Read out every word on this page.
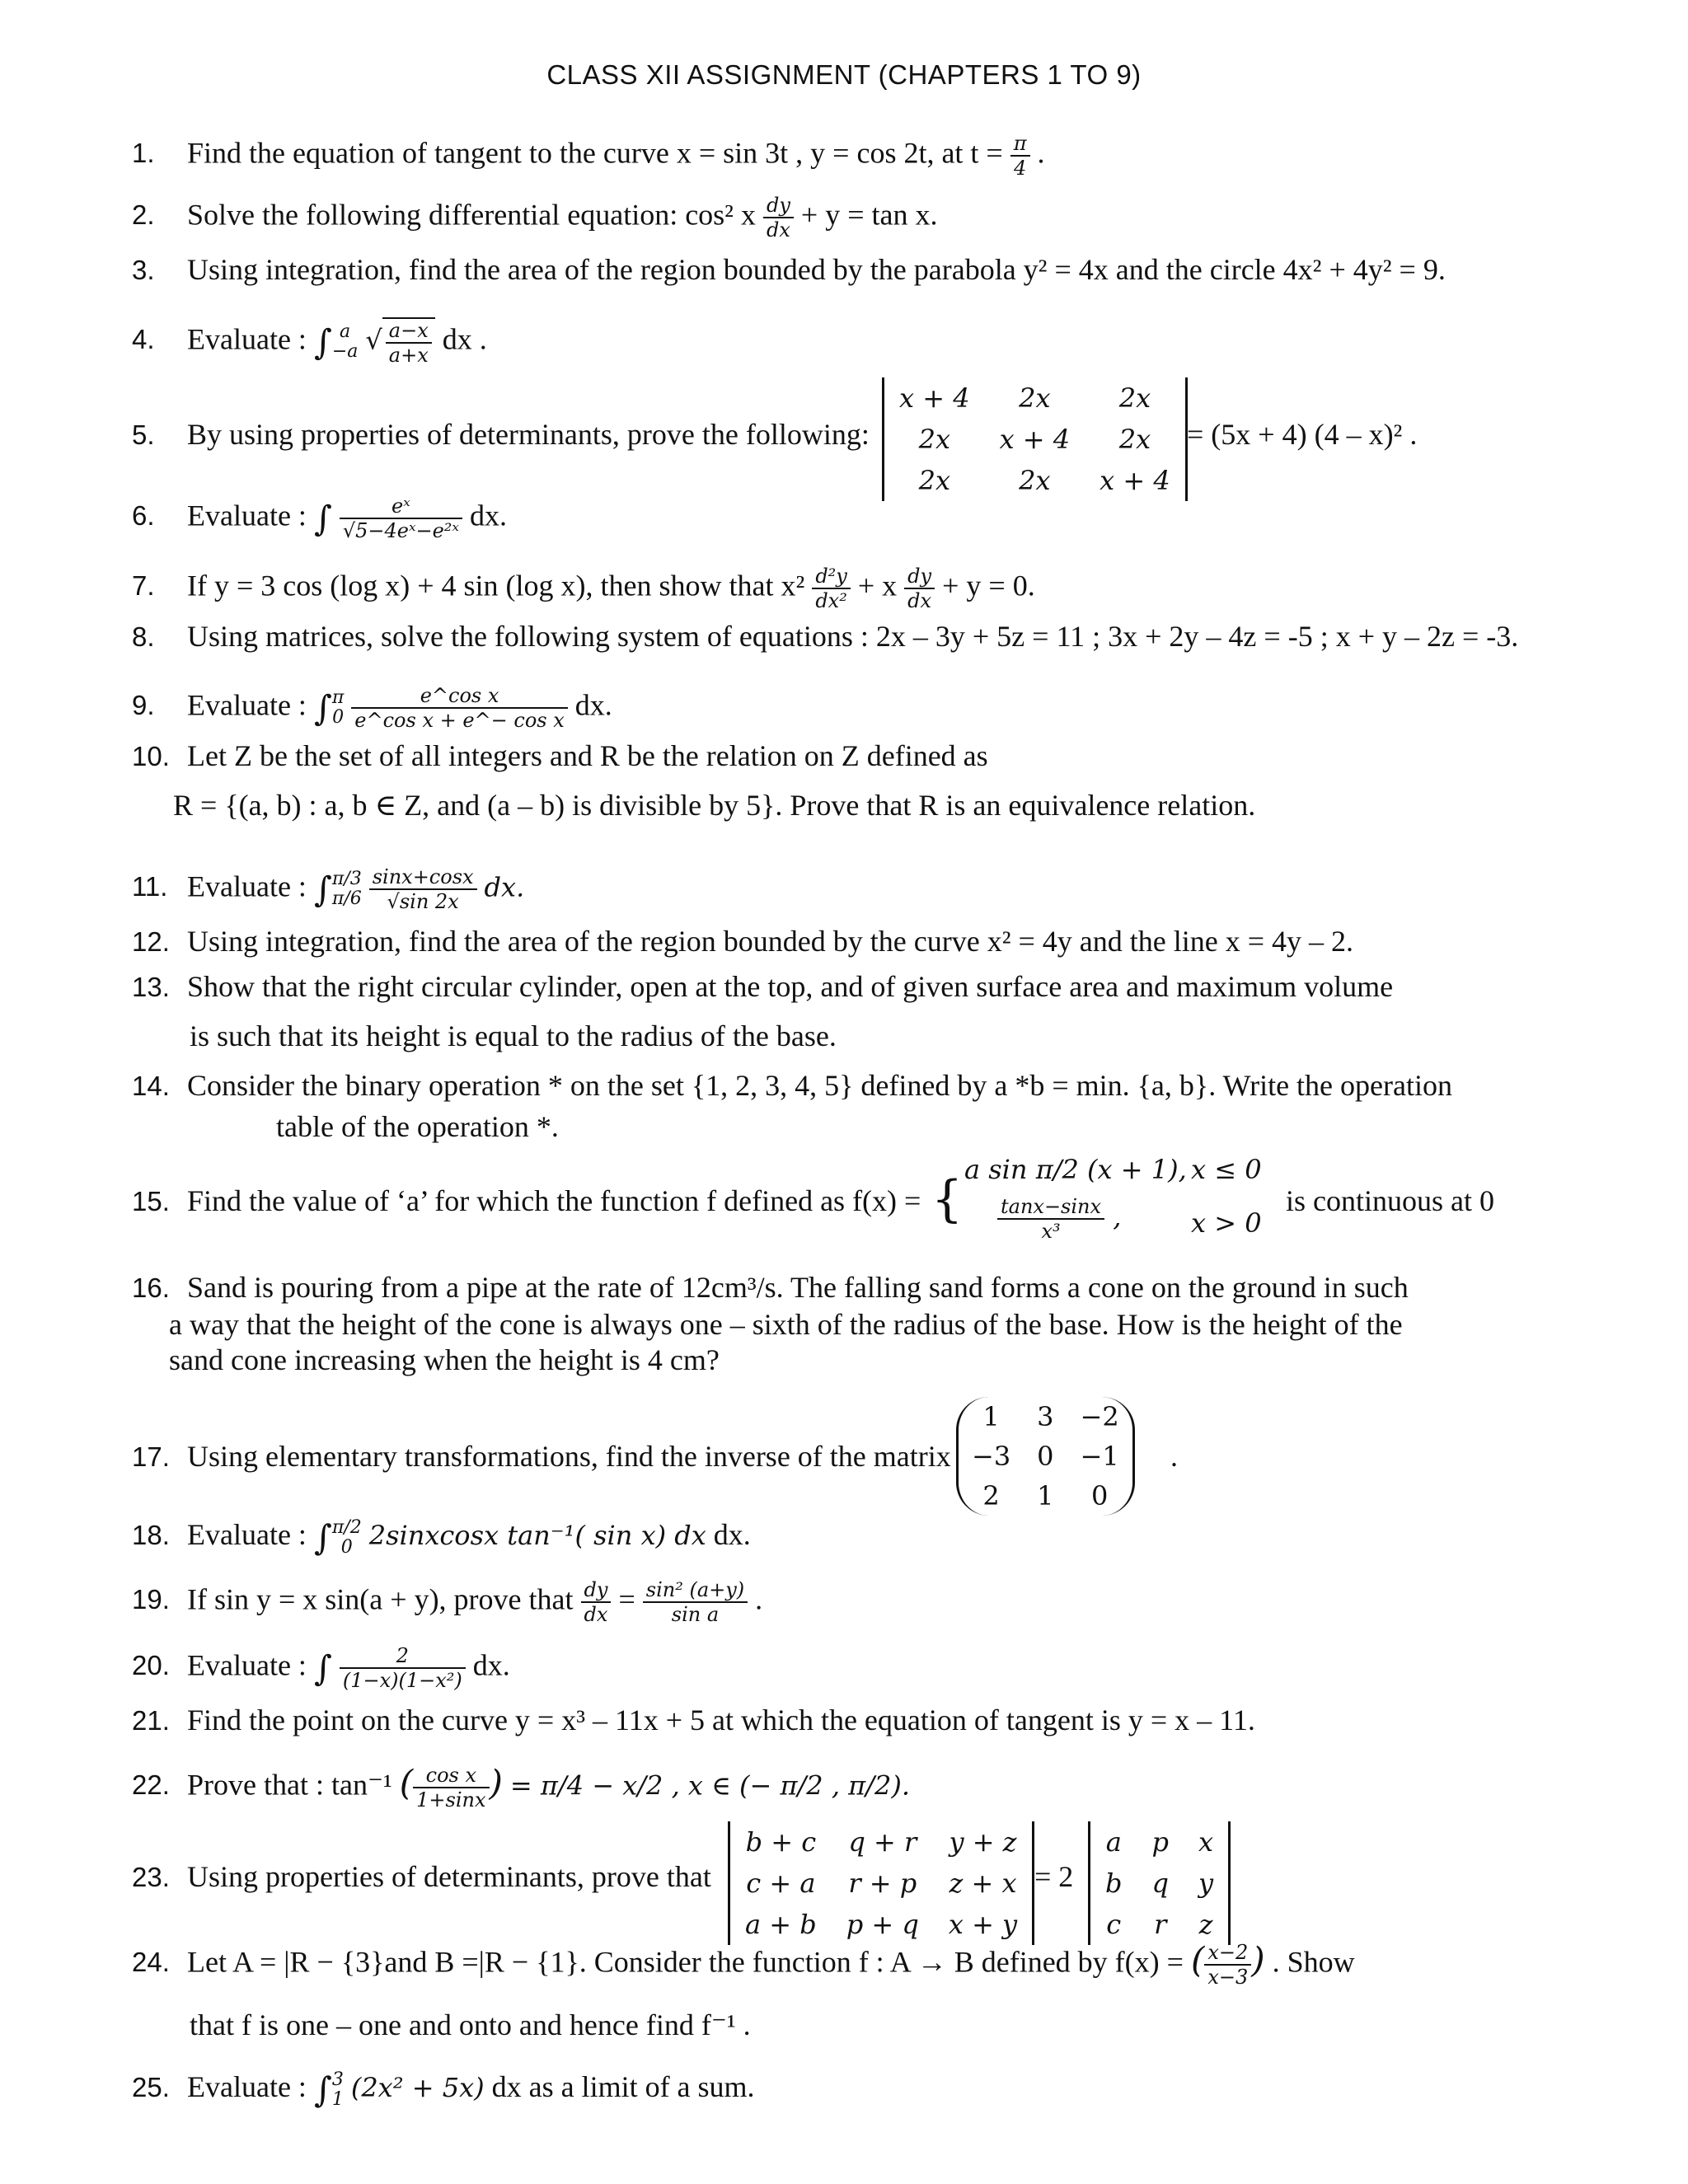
CLASS XII ASSIGNMENT (CHAPTERS 1 TO 9)
1. Find the equation of tangent to the curve x = sin 3t , y = cos 2t, at $t = \frac{\pi}{4}$ .
2. Solve the following differential equation: cos² x $\frac{dy}{dx} + y = \tan x$.
3. Using integration, find the area of the region bounded by the parabola y² = 4x and the circle 4x² + 4y² = 9.
4. Evaluate : ∫ a
−a √ $\frac{a-x}{a+x}$ dx .
5. By using properties of determinants, prove the following:
x + 4	2x	2x
2x	x + 4	2x
2x	2x	x + 4
= (5x + 4) (4 – x)² .
6. Evaluate : ∫ $\frac{\text{eˣ}}{\text{√5−4eˣ−e²ˣ}}$ dx.
7. If y = 3 cos (log x) + 4 sin (log x), then show that $x^2 \frac{\text{d²y}}{\text{dx²}} + x \frac{dy}{dx} + y = 0$.
8. Using matrices, solve the following system of equations : 2x – 3y + 5z = 11 ; 3x + 2y – 4z = -5 ; x + y – 2z = -3.
9. Evaluate : ∫ π
0
$\frac{\text{e\textasciicircum{}cos x}}{\text{e\textasciicircum{}cos x + e\textasciicircum{}− cos x}}$ dx.
10. Let Z be the set of all integers and R be the relation on Z defined as
R = {(a, b) : a, b ∈ Z, and (a – b) is divisible by 5}. Prove that R is an equivalence relation.
11. Evaluate : ∫ π/3
π/6
$\frac{\sin x+\cos x}{√\sin 2x}$ dx.
12. Using integration, find the area of the region bounded by the curve x² = 4y and the line x = 4y – 2.
13. Show that the right circular cylinder, open at the top, and of given surface area and maximum volume
is such that its height is equal to the radius of the base.
14. Consider the binary operation * on the set {1, 2, 3, 4, 5} defined by a *b = min. {a, b}. Write the operation
table of the operation *.
15. Find the value of ‘a’ for which the function f defined as f(x) = {
a sin π/2 (x + 1), x ≤ 0
$\frac{\tan x-\sin x}{\text{x³}}$ ,	x > 0
is continuous at 0
16. Sand is pouring from a pipe at the rate of 12cm³/s. The falling sand forms a cone on the ground in such
a way that the height of the cone is always one – sixth of the radius of the base. How is the height of the
sand cone increasing when the height is 4 cm?
17. Using elementary transformations, find the inverse of the matrix
1	3	−2
−3	0	−1
2	1	0
.
18. Evaluate : ∫ π/2
0 2sinxcosx tan⁻¹( sin x) dx dx.
19. If sin y = x sin(a + y), prove that $\frac{dy}{dx} = \frac{\text{sin² (a+y)}}{\text{sin a}}$ .
20. Evaluate : ∫ $\frac{2}{\text{(1−x)(1−x²)}}$ dx.
21. Find the point on the curve y = x³ – 11x + 5 at which the equation of tangent is y = x – 11.
22. Prove that : tan⁻¹ ( $\frac{\text{cos x}}{1+\sin x}$ ) = π/4 − x/2 , x ∈ (− π/2 , π/2).
23. Using properties of determinants, prove that
b + c	q + r	y + z
c + a	r + p	z + x
a + b	p + q	x + y
= 2
a	p	x
b	q	y
c	r	z
24. Let A = |R − {3}and B =|R − {1}. Consider the function f : A → B defined by f(x) = ( $\frac{x-2}{x-3}$ ) . Show
that f is one – one and onto and hence find f⁻¹ .
25. Evaluate : ∫ 3
1 (2x² + 5x) dx as a limit of a sum.
